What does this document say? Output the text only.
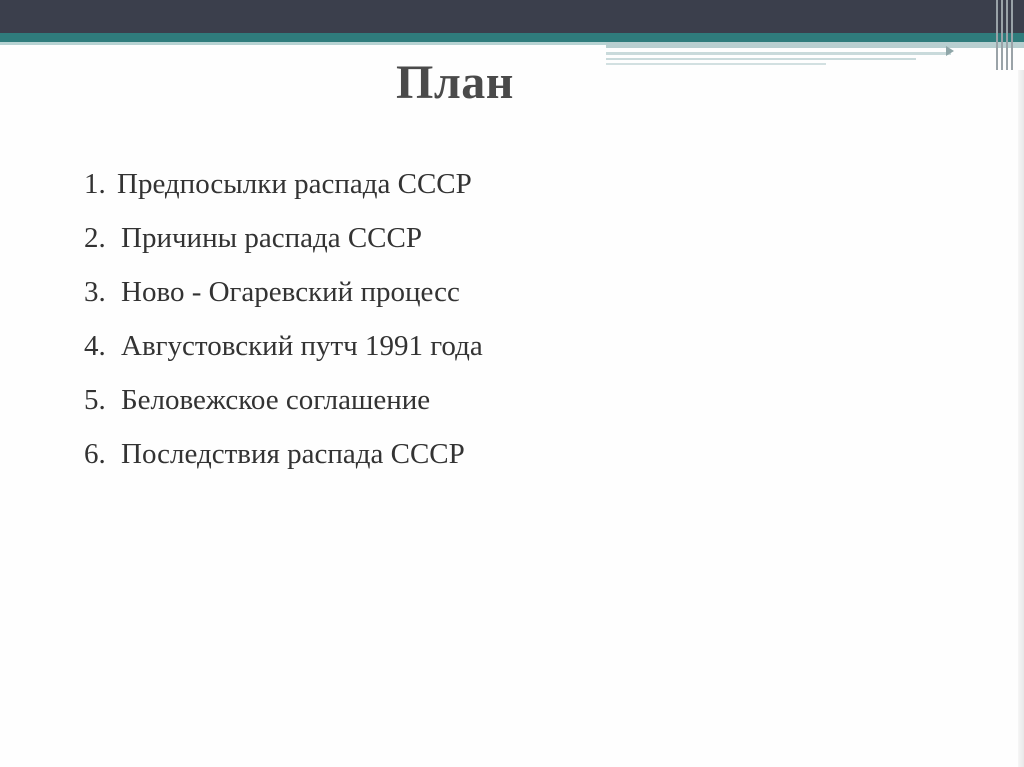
План
1. Предпосылки распада СССР
2. Причины распада СССР
3. Ново - Огаревский процесс
4. Августовский путч 1991 года
5. Беловежское соглашение
6. Последствия распада СССР
